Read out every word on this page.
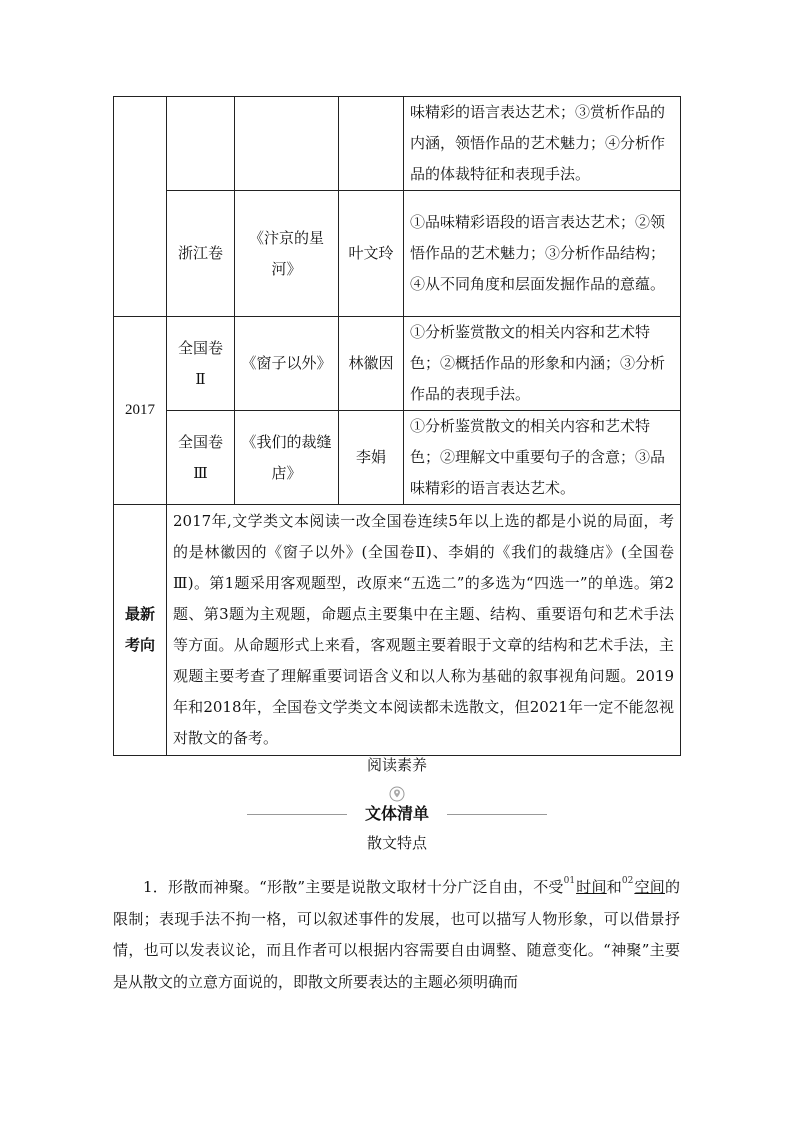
				味精彩的语言表达艺术；③赏析作品的内涵，领悟作品的艺术魅力；④分析作品的体裁特征和表现手法。
	浙江卷	《汴京的星河》	叶文玲	①品味精彩语段的语言表达艺术；②领悟作品的艺术魅力；③分析作品结构；④从不同角度和层面发掘作品的意蕴。
2017	全国卷Ⅱ	《窗子以外》	林徽因	①分析鉴赏散文的相关内容和艺术特色；②概括作品的形象和内涵；③分析作品的表现手法。
	全国卷Ⅲ	《我们的裁缝店》	李娟	①分析鉴赏散文的相关内容和艺术特色；②理解文中重要句子的含意；③品味精彩的语言表达艺术。
最新考向	2017年,文学类文本阅读一改全国卷连续5年以上选的都是小说的局面，考的是林徽因的《窗子以外》(全国卷Ⅱ)、李娟的《我们的裁缝店》(全国卷Ⅲ)。第1题采用客观题型，改原来“五选二”的多选为“四选一”的单选。第2题、第3题为主观题，命题点主要集中在主题、结构、重要语句和艺术手法等方面。从命题形式上来看，客观题主要着眼于文章的结构和艺术手法，主观题主要考查了理解重要词语含义和以人称为基础的叙事视角问题。2019年和2018年，全国卷文学类文本阅读都未选散文，但2021年一定不能忽视对散文的备考。			
阅读素养
文体清单
散文特点
1．形散而神聚。“形散”主要是说散文取材十分广泛自由，不受$^{01}$时间和$^{02}$空间的限制；表现手法不拘一格，可以叙述事件的发展，也可以描写人物形象，可以借景抒情，也可以发表议论，而且作者可以根据内容需要自由调整、随意变化。“神聚”主要是从散文的立意方面说的，即散文所要表达的主题必须明确而
